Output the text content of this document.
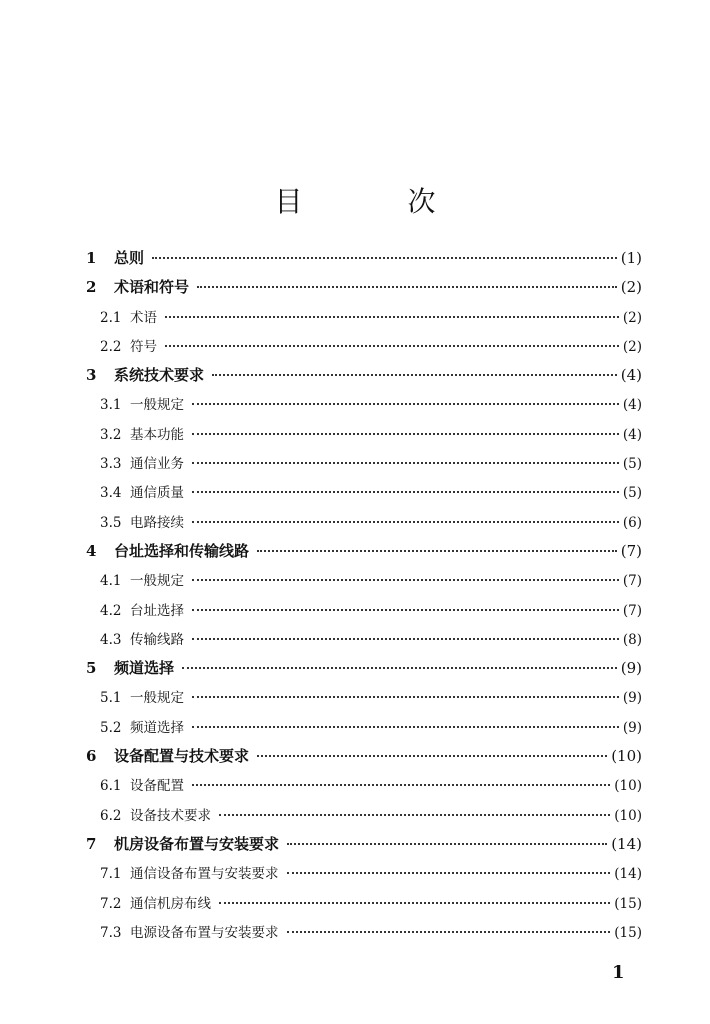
目 次
1	总则	(1)
2	术语和符号	(2)
2.1 术语	(2)
2.2 符号	(2)
3	系统技术要求	(4)
3.1 一般规定	(4)
3.2 基本功能	(4)
3.3 通信业务	(5)
3.4 通信质量	(5)
3.5 电路接续	(6)
4	台址选择和传输线路	(7)
4.1 一般规定	(7)
4.2 台址选择	(7)
4.3 传输线路	(8)
5	频道选择	(9)
5.1 一般规定	(9)
5.2 频道选择	(9)
6	设备配置与技术要求	(10)
6.1 设备配置	(10)
6.2 设备技术要求	(10)
7	机房设备布置与安装要求	(14)
7.1 通信设备布置与安装要求	(14)
7.2 通信机房布线	(15)
7.3 电源设备布置与安装要求	(15)
1
